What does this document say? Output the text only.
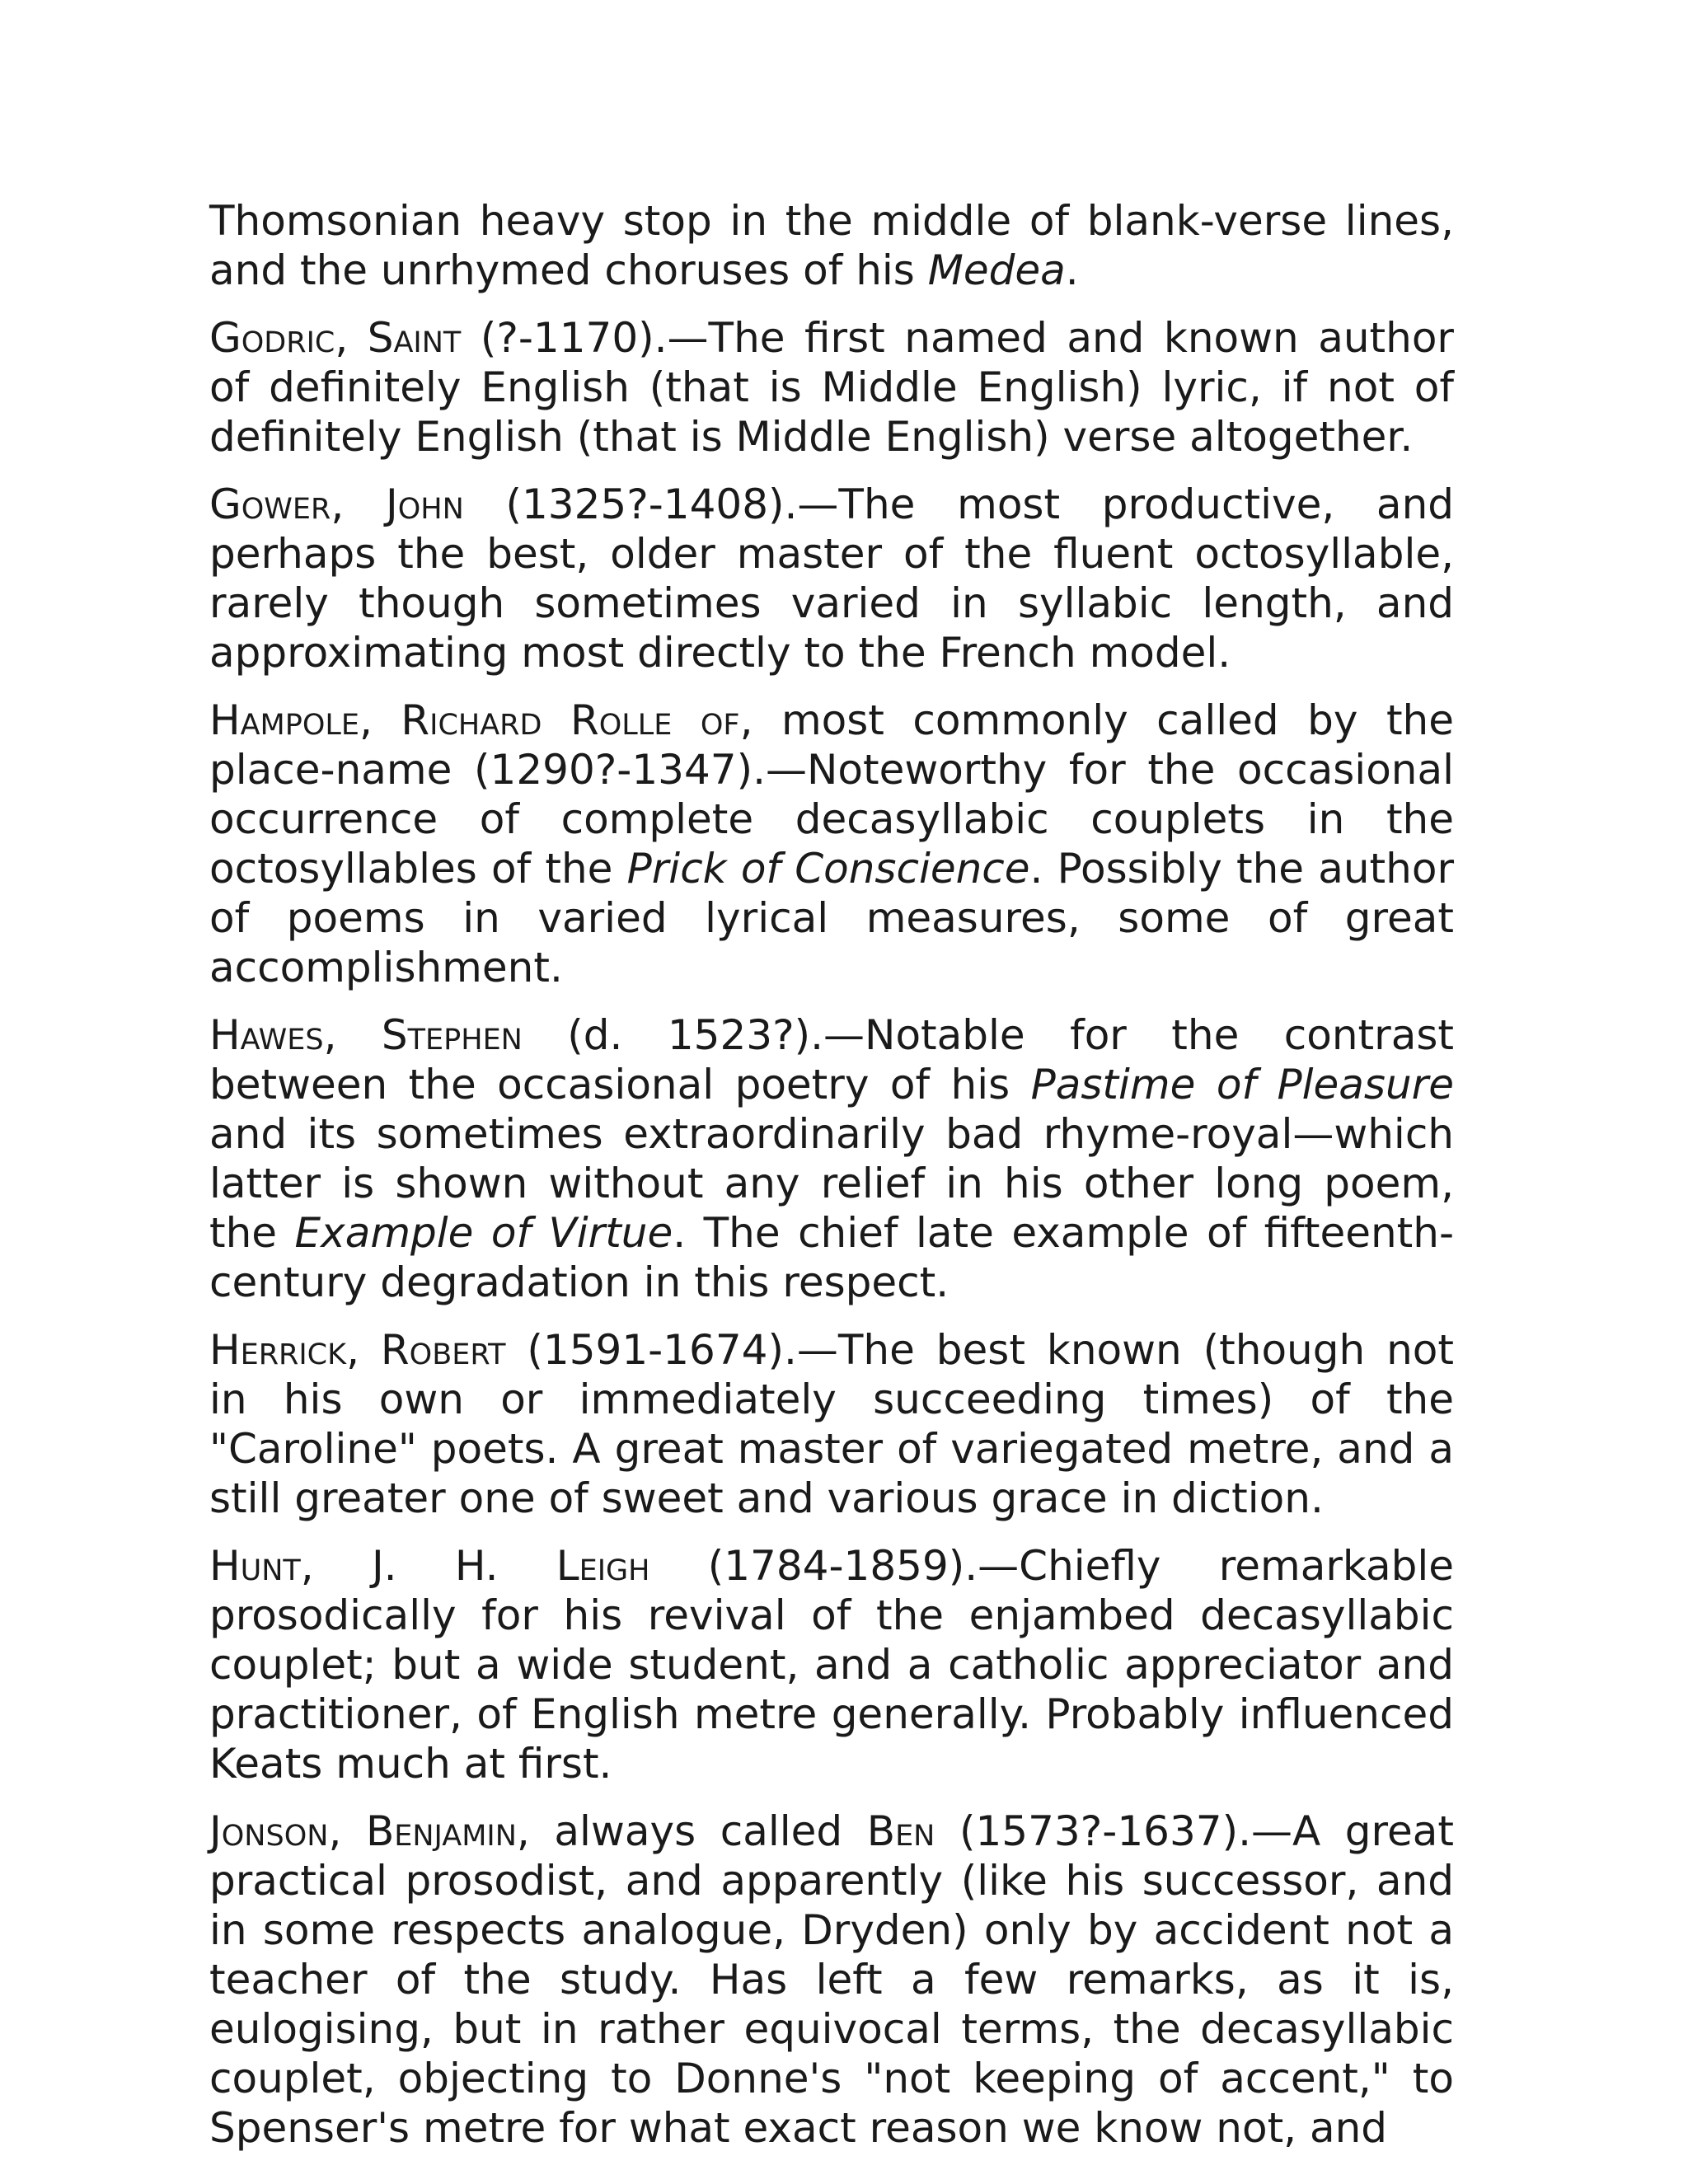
Thomsonian heavy stop in the middle of blank-verse lines, and the unrhymed choruses of his Medea.

Godric, Saint (?-1170).—The first named and known author of definitely English (that is Middle English) lyric, if not of definitely English (that is Middle English) verse altogether.

Gower, John (1325?-1408).—The most productive, and perhaps the best, older master of the fluent octosyllable, rarely though sometimes varied in syllabic length, and approximating most directly to the French model.

Hampole, Richard Rolle of, most commonly called by the place-name (1290?-1347).—Noteworthy for the occasional occurrence of complete decasyllabic couplets in the octosyllables of the Prick of Conscience. Possibly the author of poems in varied lyrical measures, some of great accomplishment.

Hawes, Stephen (d. 1523?).—Notable for the contrast between the occasional poetry of his Pastime of Pleasure and its sometimes extraordinarily bad rhyme-royal—which latter is shown without any relief in his other long poem, the Example of Virtue. The chief late example of fifteenth-century degradation in this respect.

Herrick, Robert (1591-1674).—The best known (though not in his own or immediately succeeding times) of the "Caroline" poets. A great master of variegated metre, and a still greater one of sweet and various grace in diction.

Hunt, J. H. Leigh (1784-1859).—Chiefly remarkable prosodically for his revival of the enjambed decasyllabic couplet; but a wide student, and a catholic appreciator and practitioner, of English metre generally. Probably influenced Keats much at first.

Jonson, Benjamin, always called Ben (1573?-1637).—A great practical prosodist, and apparently (like his successor, and in some respects analogue, Dryden) only by accident not a teacher of the study. Has left a few remarks, as it is, eulogising, but in rather equivocal terms, the decasyllabic couplet, objecting to Donne's "not keeping of accent," to Spenser's metre for what exact reason we know not, and
